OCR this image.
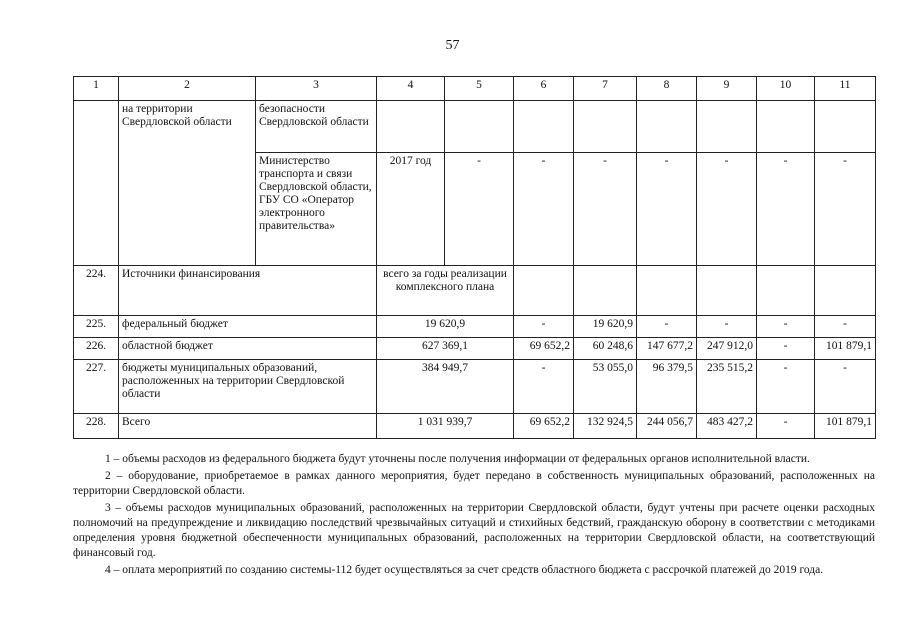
57
1	2	3	4	5	6	7	8	9	10	11
	на территории Свердловской области	безопасности Свердловской области								
		Министерство транспорта и связи Свердловской области, ГБУ СО «Оператор электронного правительства»	2017 год	-	-	-	-	-	-	-
224.	Источники финансирования		всего за годы реализации комплексного плана							
225.	федеральный бюджет		19 620,9		-	19 620,9	-	-	-	-
226.	областной бюджет		627 369,1		69 652,2	60 248,6	147 677,2	247 912,0	-	101 879,1
227.	бюджеты муниципальных образований, расположенных на территории Свердловской области		384 949,7		-	53 055,0	96 379,5	235 515,2	-	-
228.	Всего		1 031 939,7		69 652,2	132 924,5	244 056,7	483 427,2	-	101 879,1

1 – объемы расходов из федерального бюджета будут уточнены после получения информации от федеральных органов исполнительной власти.

2 – оборудование, приобретаемое в рамках данного мероприятия, будет передано в собственность муниципальных образований, расположенных на территории Свердловской области.

3 – объемы расходов муниципальных образований, расположенных на территории Свердловской области, будут учтены при расчете оценки расходных полномочий на предупреждение и ликвидацию последствий чрезвычайных ситуаций и стихийных бедствий, гражданскую оборону в соответствии с методиками определения уровня бюджетной обеспеченности муниципальных образований, расположенных на территории Свердловской области, на соответствующий финансовый год.

4 – оплата мероприятий по созданию системы-112 будет осуществляться за счет средств областного бюджета с рассрочкой платежей до 2019 года.
